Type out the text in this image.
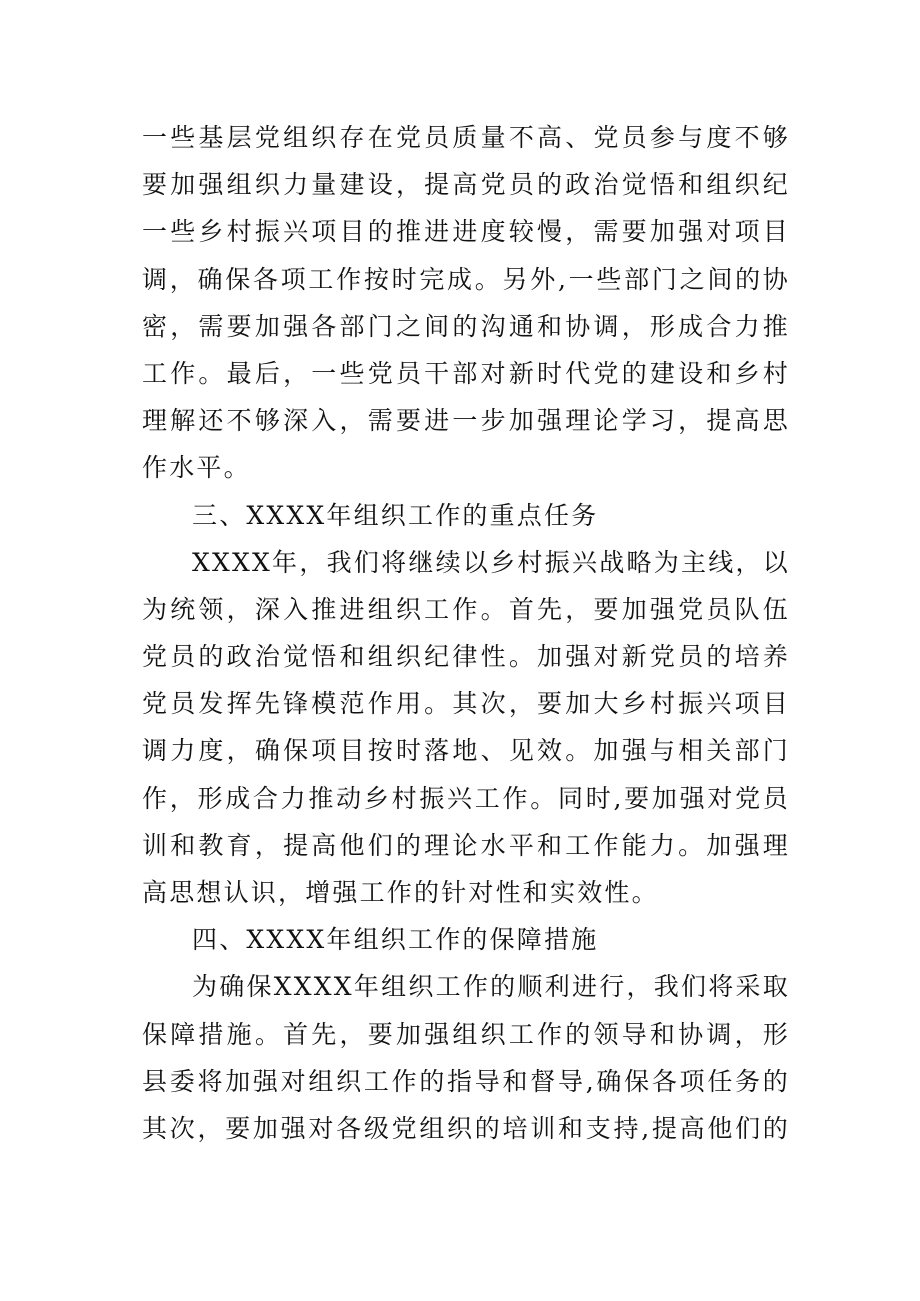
一些基层党组织存在党员质量不高、党员参与度不够
要加强组织力量建设，提高党员的政治觉悟和组织纪
一些乡村振兴项目的推进进度较慢，需要加强对项目
调，确保各项工作按时完成。另外,一些部门之间的协
密，需要加强各部门之间的沟通和协调，形成合力推
工作。最后，一些党员干部对新时代党的建设和乡村
理解还不够深入，需要进一步加强理论学习，提高思
作水平。
三、XXXX年组织工作的重点任务
XXXX年，我们将继续以乡村振兴战略为主线，以
为统领，深入推进组织工作。首先，要加强党员队伍
党员的政治觉悟和组织纪律性。加强对新党员的培养
党员发挥先锋模范作用。其次，要加大乡村振兴项目
调力度，确保项目按时落地、见效。加强与相关部门
作，形成合力推动乡村振兴工作。同时,要加强对党员
训和教育，提高他们的理论水平和工作能力。加强理
高思想认识，增强工作的针对性和实效性。
四、XXXX年组织工作的保障措施
为确保XXXX年组织工作的顺利进行，我们将采取
保障措施。首先，要加强组织工作的领导和协调，形
县委将加强对组织工作的指导和督导,确保各项任务的
其次，要加强对各级党组织的培训和支持,提高他们的
